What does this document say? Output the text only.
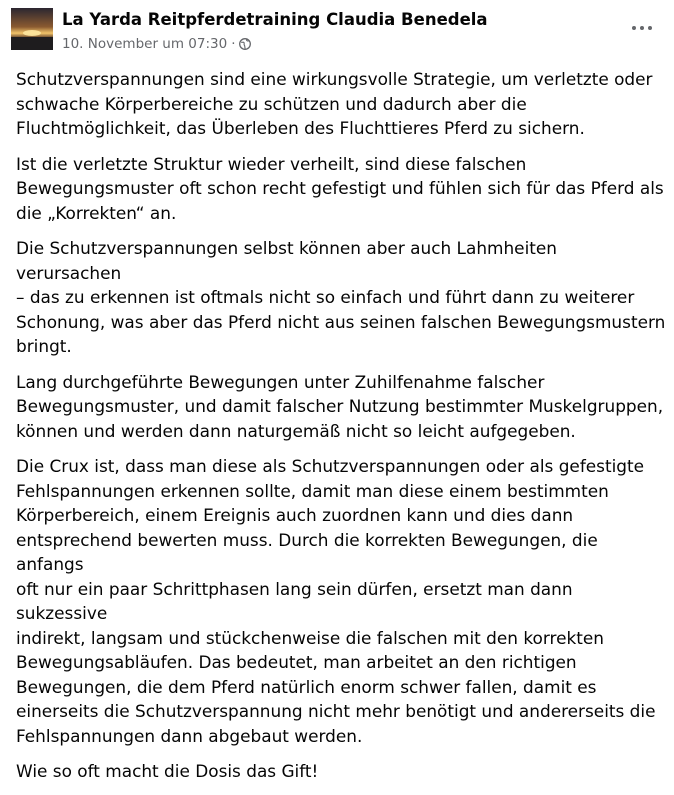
La Yarda Reitpferdetraining Claudia Benedela
10. November um 07:30 ·

Schutzverspannungen sind eine wirkungsvolle Strategie, um verletzte oder
schwache Körperbereiche zu schützen und dadurch aber die
Fluchtmöglichkeit, das Überleben des Fluchttieres Pferd zu sichern.

Ist die verletzte Struktur wieder verheilt, sind diese falschen
Bewegungsmuster oft schon recht gefestigt und fühlen sich für das Pferd als
die „Korrekten“ an.

Die Schutzverspannungen selbst können aber auch Lahmheiten verursachen
– das zu erkennen ist oftmals nicht so einfach und führt dann zu weiterer
Schonung, was aber das Pferd nicht aus seinen falschen Bewegungsmustern
bringt.

Lang durchgeführte Bewegungen unter Zuhilfenahme falscher
Bewegungsmuster, und damit falscher Nutzung bestimmter Muskelgruppen,
können und werden dann naturgemäß nicht so leicht aufgegeben.

Die Crux ist, dass man diese als Schutzverspannungen oder als gefestigte
Fehlspannungen erkennen sollte, damit man diese einem bestimmten
Körperbereich, einem Ereignis auch zuordnen kann und dies dann
entsprechend bewerten muss. Durch die korrekten Bewegungen, die anfangs
oft nur ein paar Schrittphasen lang sein dürfen, ersetzt man dann sukzessive
indirekt, langsam und stückchenweise die falschen mit den korrekten
Bewegungsabläufen. Das bedeutet, man arbeitet an den richtigen
Bewegungen, die dem Pferd natürlich enorm schwer fallen, damit es
einerseits die Schutzverspannung nicht mehr benötigt und andererseits die
Fehlspannungen dann abgebaut werden.

Wie so oft macht die Dosis das Gift!
